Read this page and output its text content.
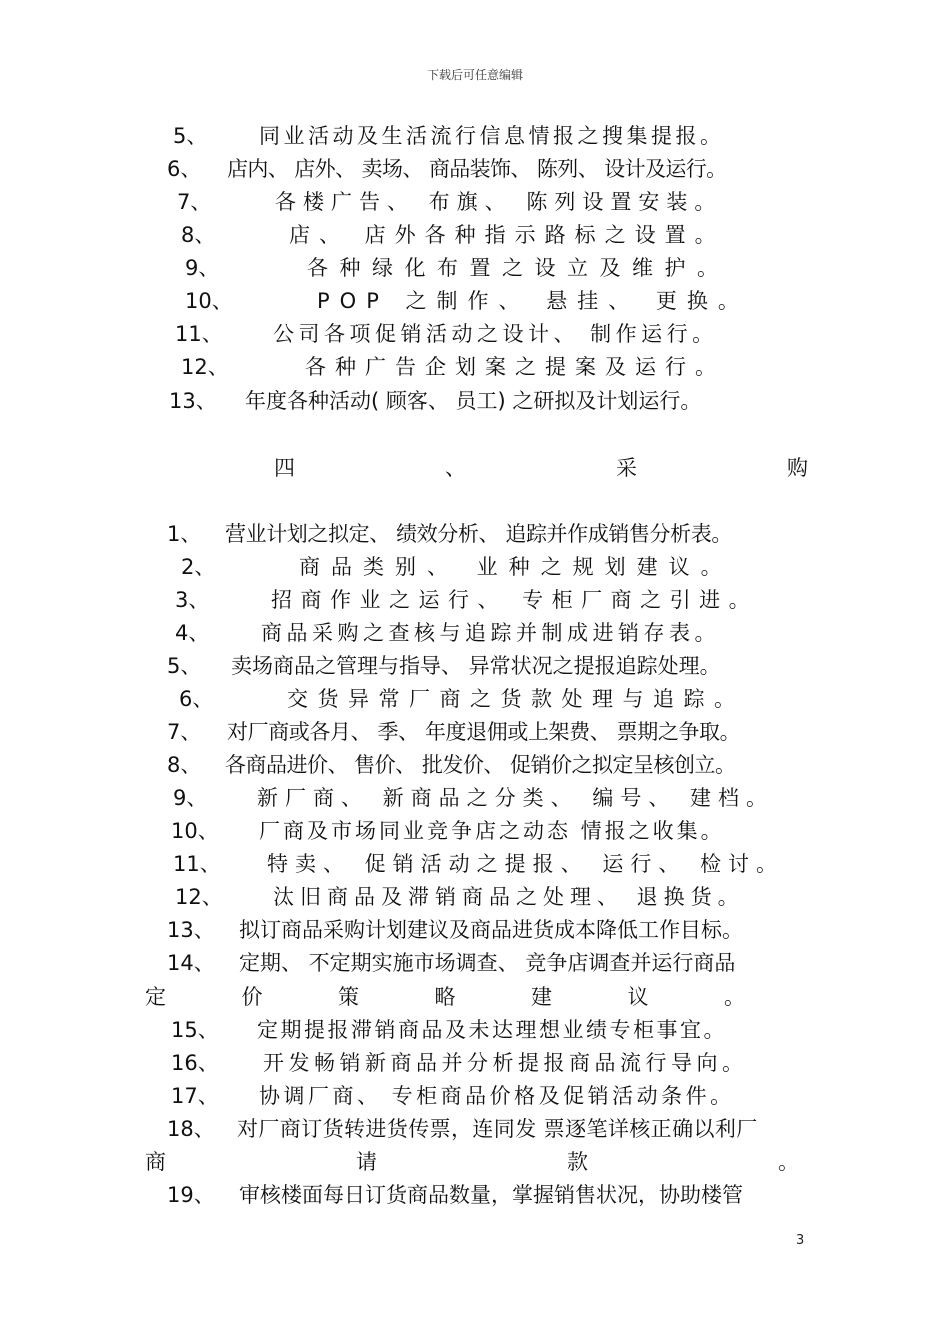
下载后可任意编辑
5、	同业活动及生活流行信息情报之搜集提报。
6、	店内、 店外、 卖场、 商品装饰、 陈列、 设计及运行。
7、	各楼广告、 布旗、 陈列设置安装。
8、	店、 店外各种指示路标之设置。
9、	各种绿化布置之设立及维护。
10、	POP 之制作、 悬挂、 更换。
11、	公司各项促销活动之设计、 制作运行。
12、	各种广告企划案之提案及运行。
13、	年度各种活动( 顾客、 员工) 之研拟及计划运行。
四	、	采	购
1、	营业计划之拟定、 绩效分析、 追踪并作成销售分析表。
2、	商品类别、 业种之规划建议。
3、	招商作业之运行、 专柜厂商之引进。
4、	商品采购之查核与追踪并制成进销存表。
5、	卖场商品之管理与指导、 异常状况之提报追踪处理。
6、	交货异常厂商之货款处理与追踪。
7、	对厂商或各月、 季、 年度退佣或上架费、 票期之争取。
8、	各商品进价、 售价、 批发价、 促销价之拟定呈核创立。
9、	新厂商、 新商品之分类、 编号、 建档。
10、	厂商及市场同业竞争店之动态 情报之收集。
11、	特卖、 促销活动之提报、 运行、 检讨。
12、	汰旧商品及滞销商品之处理、 退换货。
13、	拟订商品采购计划建议及商品进货成本降低工作目标。
14、	定期、 不定期实施市场调查、 竞争店调查并运行商品
定	价	策	略	建	议	。
15、	定期提报滞销商品及未达理想业绩专柜事宜。
16、	开发畅销新商品并分析提报商品流行导向。
17、	协调厂商、 专柜商品价格及促销活动条件。
18、	对厂商订货转进货传票，连同发 票逐笔详核正确以利厂
商	请	款	。
19、	审核楼面每日订货商品数量，掌握销售状况，协助楼管
3
